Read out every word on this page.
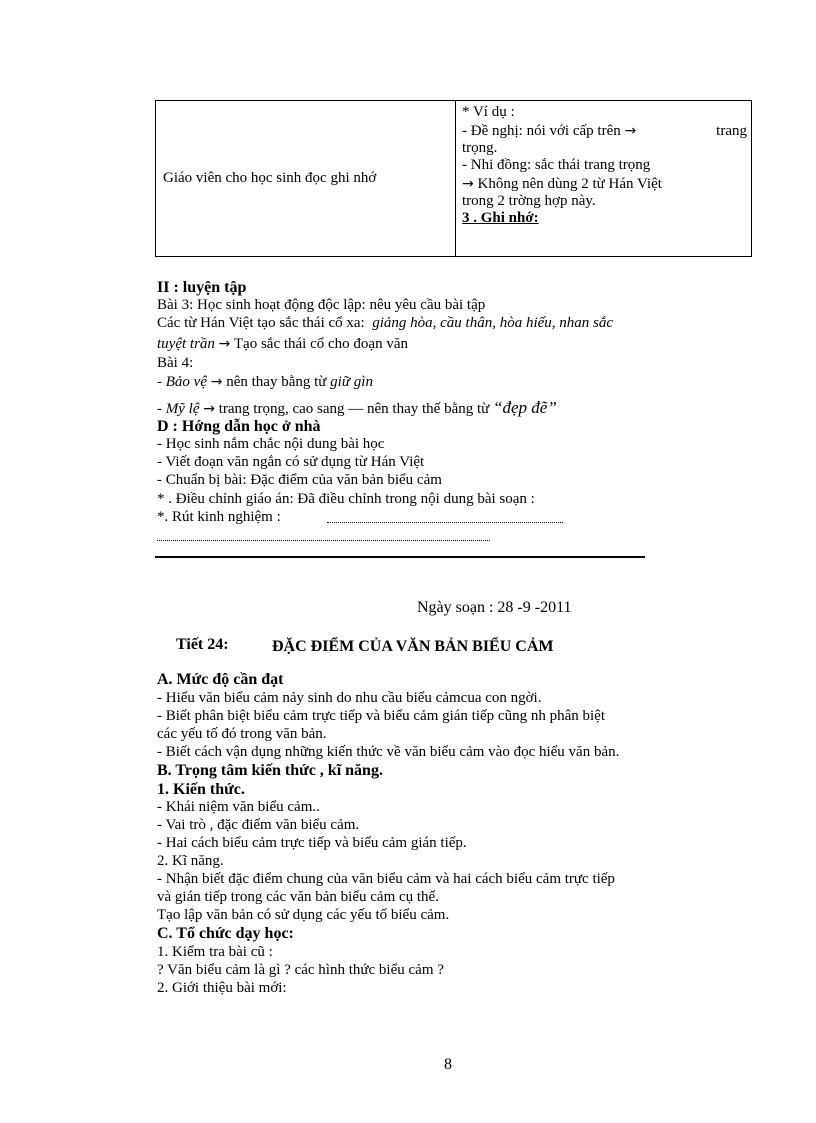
Giáo viên cho học sinh đọc ghi nhớ

* Ví dụ :
- Đề nghị: nói với cấp trên →	trang
trọng.
- Nhi đồng: sắc thái trang trọng
→ Không nên dùng 2 từ Hán Việt
trong 2 trờng hợp này.
3 . Ghi nhớ:
II : luyện tập
Bài 3: Học sinh hoạt động độc lập: nêu yêu cầu bài tập
Các từ Hán Việt tạo sắc thái cổ xa: giảng hòa, cầu thân, hòa hiếu, nhan sắc
tuyệt trần → Tạo sắc thái cổ cho đoạn văn
Bài 4:
- Bảo vệ → nên thay bằng từ giữ gìn
- Mỹ lệ → trang trọng, cao sang — nên thay thế bằng từ “đẹp đẽ”
D : Hớng dẫn học ở nhà
- Học sinh nắm chắc nội dung bài học
- Viết đoạn văn ngắn có sử dụng từ Hán Việt
- Chuẩn bị bài: Đặc điểm của văn bản biểu cảm
* . Điều chỉnh giáo án: Đã điều chỉnh trong nội dung bài soạn :
*. Rút kinh nghiệm :
Ngày soạn : 28 -9 -2011
Tiết 24:	ĐẶC ĐIỂM CỦA VĂN BẢN BIỂU CẢM
A. Mức độ cần đạt
- Hiểu văn biểu cảm nảy sinh do nhu cầu biểu cảmcua con ngời.
- Biết phân biệt biểu cảm trực tiếp và biểu cảm gián tiếp cũng nh phân biệt
các yếu tố đó trong văn bản.
- Biết cách vận dụng những kiến thức về văn biểu cảm vào đọc hiểu văn bản.
B. Trọng tâm kiến thức , kĩ năng.
1. Kiến thức.
- Khái niệm văn biểu cảm..
- Vai trò , đặc điểm văn biểu cảm.
- Hai cách biểu cảm trực tiếp và biểu cảm gián tiếp.
2. Kĩ năng.
- Nhận biết đặc điểm chung của văn biểu cảm và hai cách biểu cảm trực tiếp
và gián tiếp trong các văn bản biểu cảm cụ thể.
Tạo lập văn bản có sử dụng các yếu tố biểu cảm.
C. Tổ chức dạy học:
1. Kiểm tra bài cũ :
? Văn biểu cảm là gì ? các hình thức biểu cảm ?
2. Giới thiệu bài mới:
8
